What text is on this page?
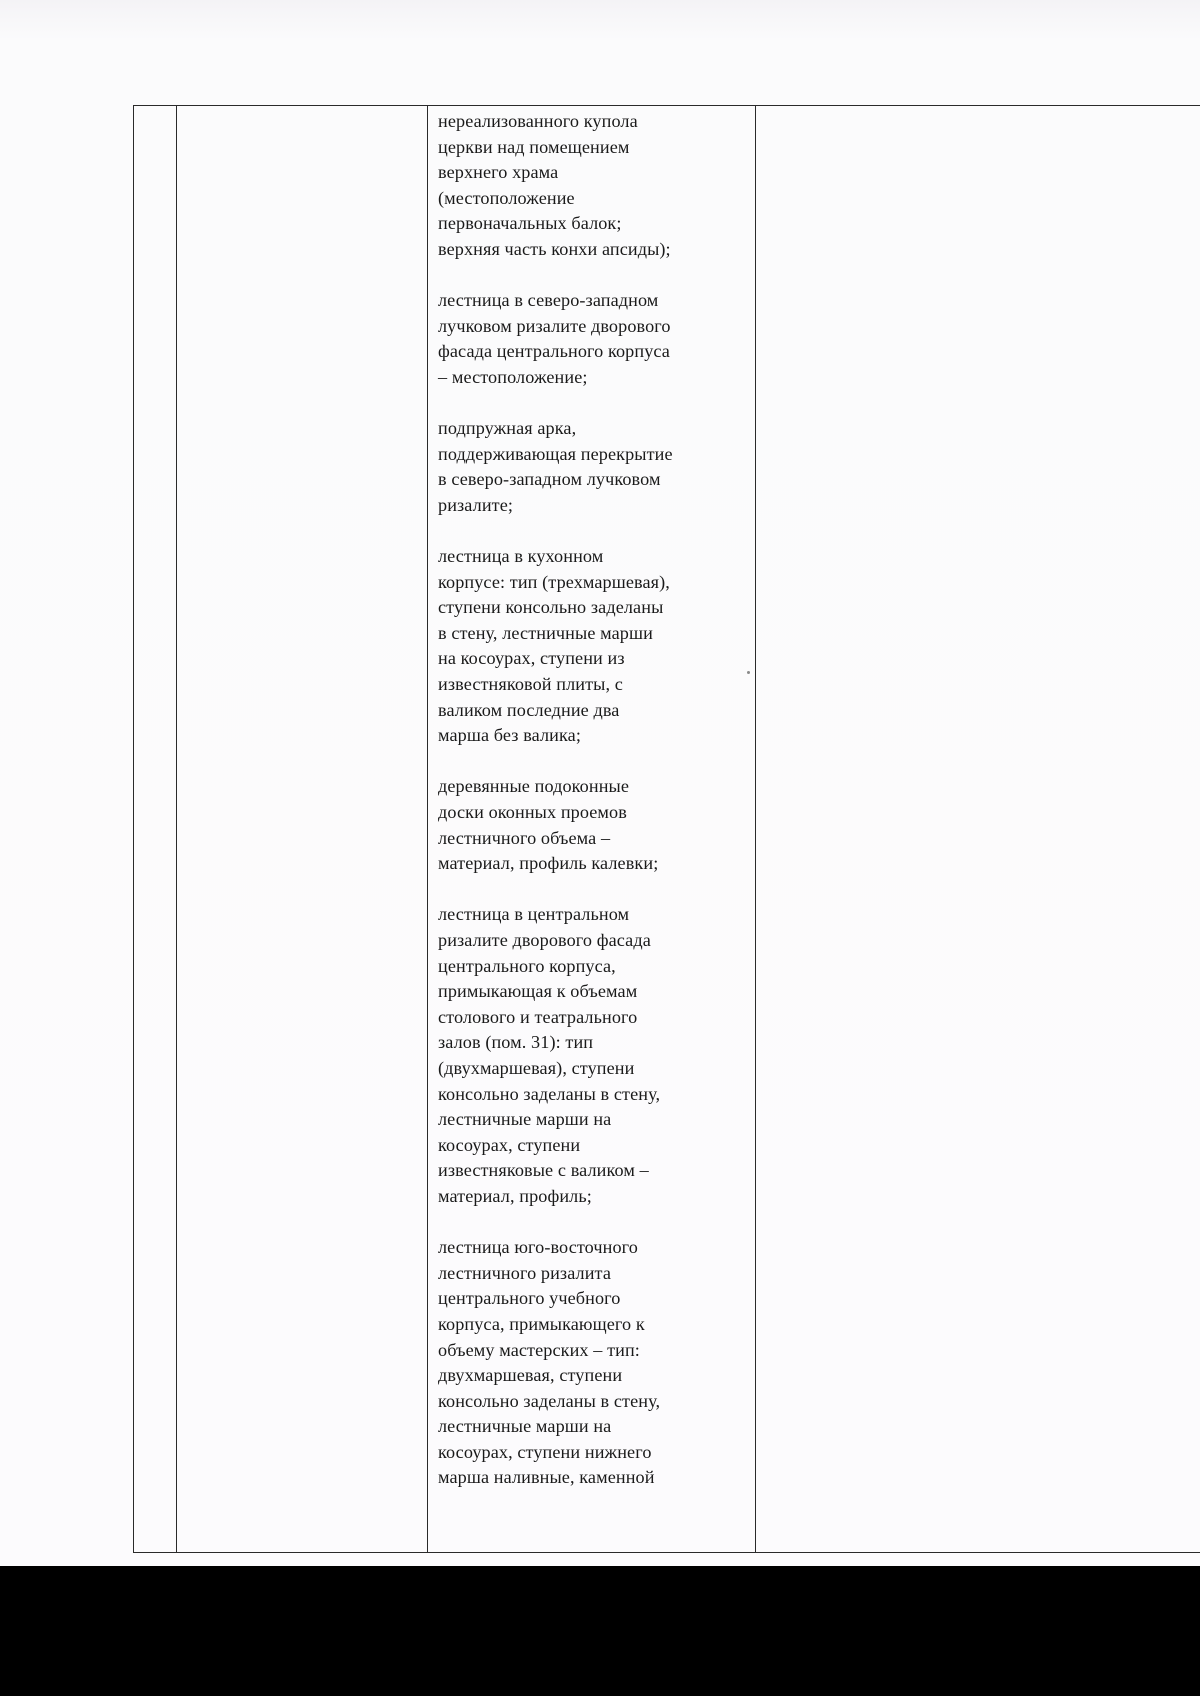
нереализованного купола
церкви над помещением
верхнего храма
(местоположение
первоначальных балок;
верхняя часть конхи апсиды);
лестница в северо-западном
лучковом ризалите дворового
фасада центрального корпуса
– местоположение;
подпружная арка,
поддерживающая перекрытие
в северо-западном лучковом
ризалите;
лестница в кухонном
корпусе: тип (трехмаршевая),
ступени консольно заделаны
в стену, лестничные марши
на косоурах, ступени из
известняковой плиты, с
валиком последние два
марша без валика;
деревянные подоконные
доски оконных проемов
лестничного объема –
материал, профиль калевки;
лестница в центральном
ризалите дворового фасада
центрального корпуса,
примыкающая к объемам
столового и театрального
залов (пом. 31): тип
(двухмаршевая), ступени
консольно заделаны в стену,
лестничные марши на
косоурах, ступени
известняковые с валиком –
материал, профиль;
лестница юго-восточного
лестничного ризалита
центрального учебного
корпуса, примыкающего к
объему мастерских – тип:
двухмаршевая, ступени
консольно заделаны в стену,
лестничные марши на
косоурах, ступени нижнего
марша наливные, каменной
